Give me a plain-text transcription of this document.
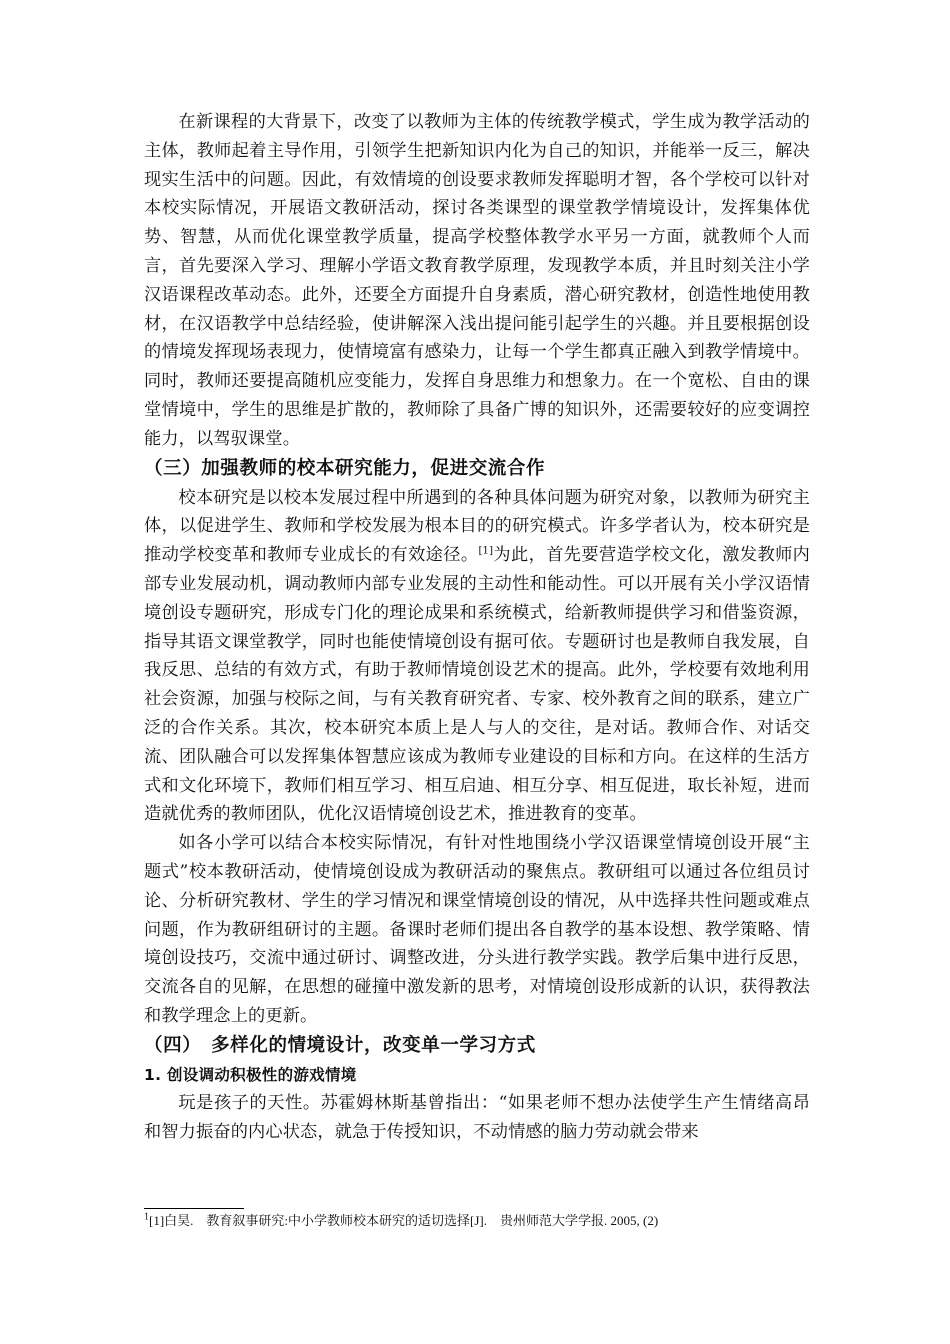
在新课程的大背景下，改变了以教师为主体的传统教学模式，学生成为教学活动的主体，教师起着主导作用，引领学生把新知识内化为自己的知识，并能举一反三，解决现实生活中的问题。因此，有效情境的创设要求教师发挥聪明才智，各个学校可以针对本校实际情况，开展语文教研活动，探讨各类课型的课堂教学情境设计，发挥集体优势、智慧，从而优化课堂教学质量，提高学校整体教学水平另一方面，就教师个人而言，首先要深入学习、理解小学语文教育教学原理，发现教学本质，并且时刻关注小学汉语课程改革动态。此外，还要全方面提升自身素质，潜心研究教材，创造性地使用教材，在汉语教学中总结经验，使讲解深入浅出提问能引起学生的兴趣。并且要根据创设的情境发挥现场表现力，使情境富有感染力，让每一个学生都真正融入到教学情境中。同时，教师还要提高随机应变能力，发挥自身思维力和想象力。在一个宽松、自由的课堂情境中，学生的思维是扩散的，教师除了具备广博的知识外，还需要较好的应变调控能力，以驾驭课堂。

（三）加强教师的校本研究能力，促进交流合作

校本研究是以校本发展过程中所遇到的各种具体问题为研究对象，以教师为研究主体，以促进学生、教师和学校发展为根本目的的研究模式。许多学者认为，校本研究是推动学校变革和教师专业成长的有效途径。[1]为此，首先要营造学校文化，激发教师内部专业发展动机，调动教师内部专业发展的主动性和能动性。可以开展有关小学汉语情境创设专题研究，形成专门化的理论成果和系统模式，给新教师提供学习和借鉴资源，指导其语文课堂教学，同时也能使情境创设有据可依。专题研讨也是教师自我发展，自我反思、总结的有效方式，有助于教师情境创设艺术的提高。此外，学校要有效地利用社会资源，加强与校际之间，与有关教育研究者、专家、校外教育之间的联系，建立广泛的合作关系。其次，校本研究本质上是人与人的交往，是对话。教师合作、对话交流、团队融合可以发挥集体智慧应该成为教师专业建设的目标和方向。在这样的生活方式和文化环境下，教师们相互学习、相互启迪、相互分享、相互促进，取长补短，进而造就优秀的教师团队，优化汉语情境创设艺术，推进教育的变革。

如各小学可以结合本校实际情况，有针对性地围绕小学汉语课堂情境创设开展“主题式”校本教研活动，使情境创设成为教研活动的聚焦点。教研组可以通过各位组员讨论、分析研究教材、学生的学习情况和课堂情境创设的情况，从中选择共性问题或难点问题，作为教研组研讨的主题。备课时老师们提出各自教学的基本设想、教学策略、情境创设技巧，交流中通过研讨、调整改进，分头进行教学实践。教学后集中进行反思，交流各自的见解，在思想的碰撞中激发新的思考，对情境创设形成新的认识，获得教法和教学理念上的更新。

（四）　多样化的情境设计，改变单一学习方式
1. 创设调动积极性的游戏情境

玩是孩子的天性。苏霍姆林斯基曾指出：“如果老师不想办法使学生产生情绪高昂和智力振奋的内心状态，就急于传授知识，不动情感的脑力劳动就会带来

$^1$[1]白昊.　教育叙事研究:中小学教师校本研究的适切选择[J].　贵州师范大学学报. 2005, (2)
